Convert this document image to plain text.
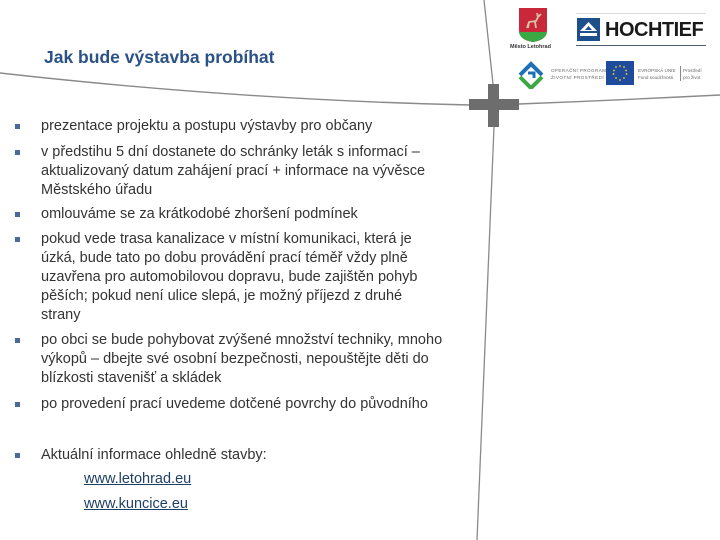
Jak bude výstavba probíhat	Město Letohrad
HOCHTIEF
OPERAČNÍ PROGRAM
ŽIVOTNÍ PROSTŘEDÍ
EVROPSKÁ UNIE
Fond soudržnosti
Prostředí
pro život
prezentace projektu a postupu výstavby pro občany
v předstihu 5 dní dostanete do schránky leták s informací –
aktualizovaný datum zahájení prací + informace na vývěsce
Městského úřadu
omlouváme se za krátkodobé zhoršení podmínek
pokud vede trasa kanalizace v místní komunikaci, která je
úzká, bude tato po dobu provádění prací téměř vždy plně
uzavřena pro automobilovou dopravu, bude zajištěn pohyb
pěších; pokud není ulice slepá, je možný příjezd z druhé
strany
po obci se bude pohybovat zvýšené množství techniky, mnoho
výkopů – dbejte své osobní bezpečnosti, nepouštějte děti do
blízkosti stavenišť a skládek
po provedení prací uvedeme dotčené povrchy do původního
Aktuální informace ohledně stavby:
www.letohrad.eu
www.kuncice.eu
